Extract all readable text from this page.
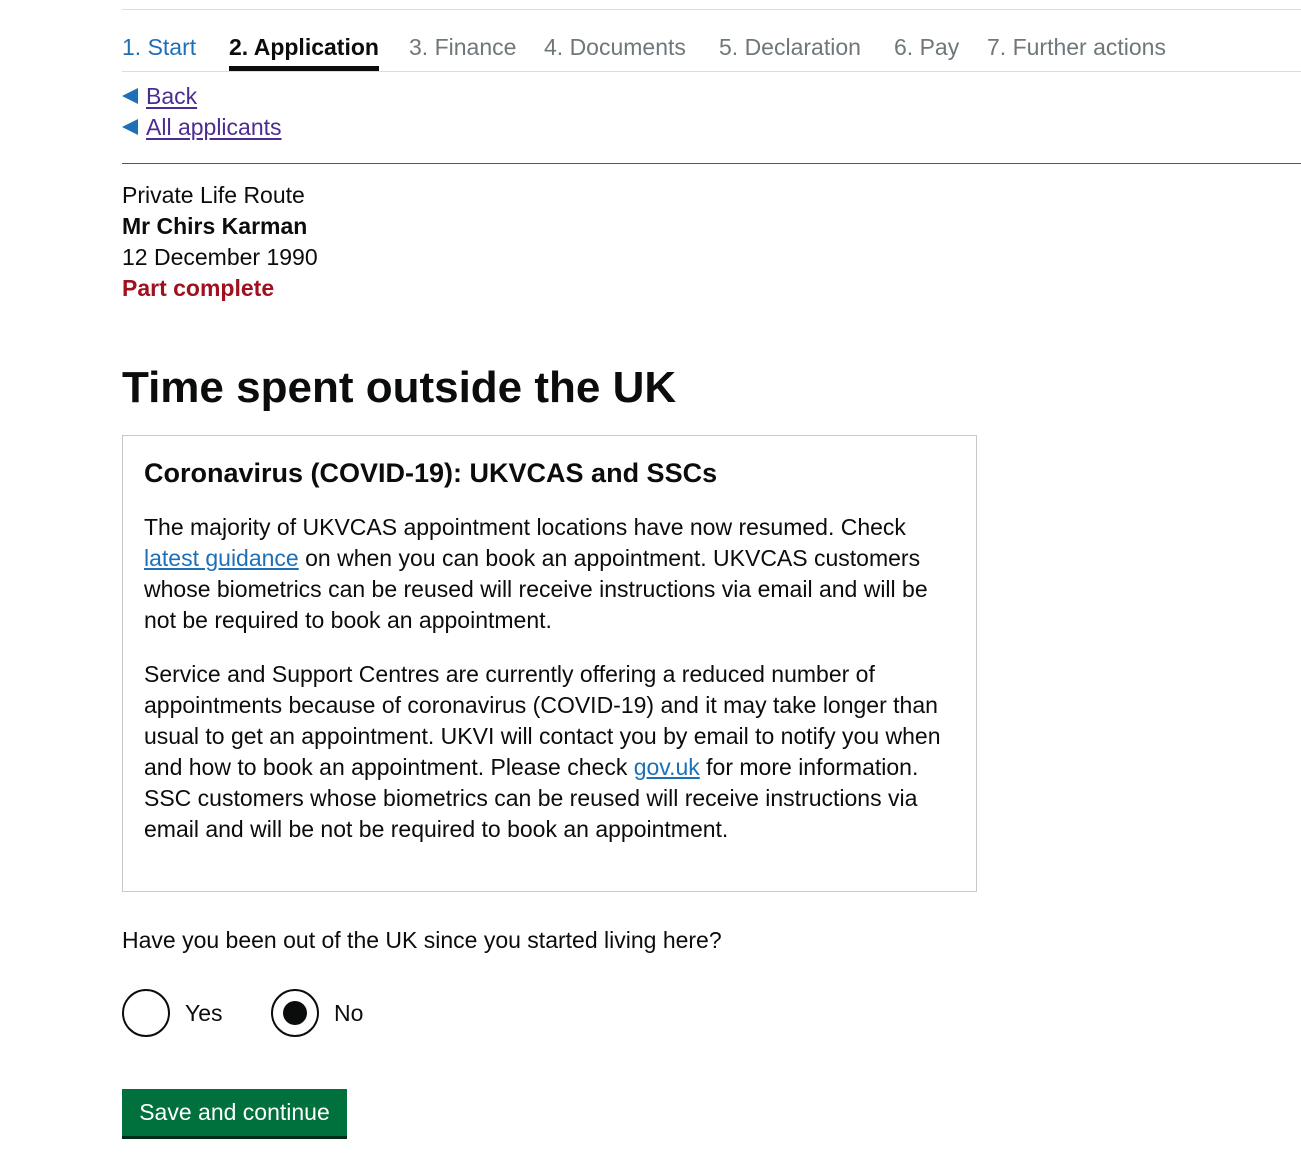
1. Start 2. Application 3. Finance 4. Documents 5. Declaration 6. Pay 7. Further actions
Back
All applicants
Private Life Route
Mr Chirs Karman
12 December 1990
Part complete
Time spent outside the UK
Coronavirus (COVID-19): UKVCAS and SSCs

The majority of UKVCAS appointment locations have now resumed. Check latest guidance on when you can book an appointment. UKVCAS customers whose biometrics can be reused will receive instructions via email and will be not be required to book an appointment.

Service and Support Centres are currently offering a reduced number of appointments because of coronavirus (COVID-19) and it may take longer than usual to get an appointment. UKVI will contact you by email to notify you when and how to book an appointment. Please check gov.uk for more information. SSC customers whose biometrics can be reused will receive instructions via email and will be not be required to book an appointment.

Have you been out of the UK since you started living here?
Yes	No
Save and continue
